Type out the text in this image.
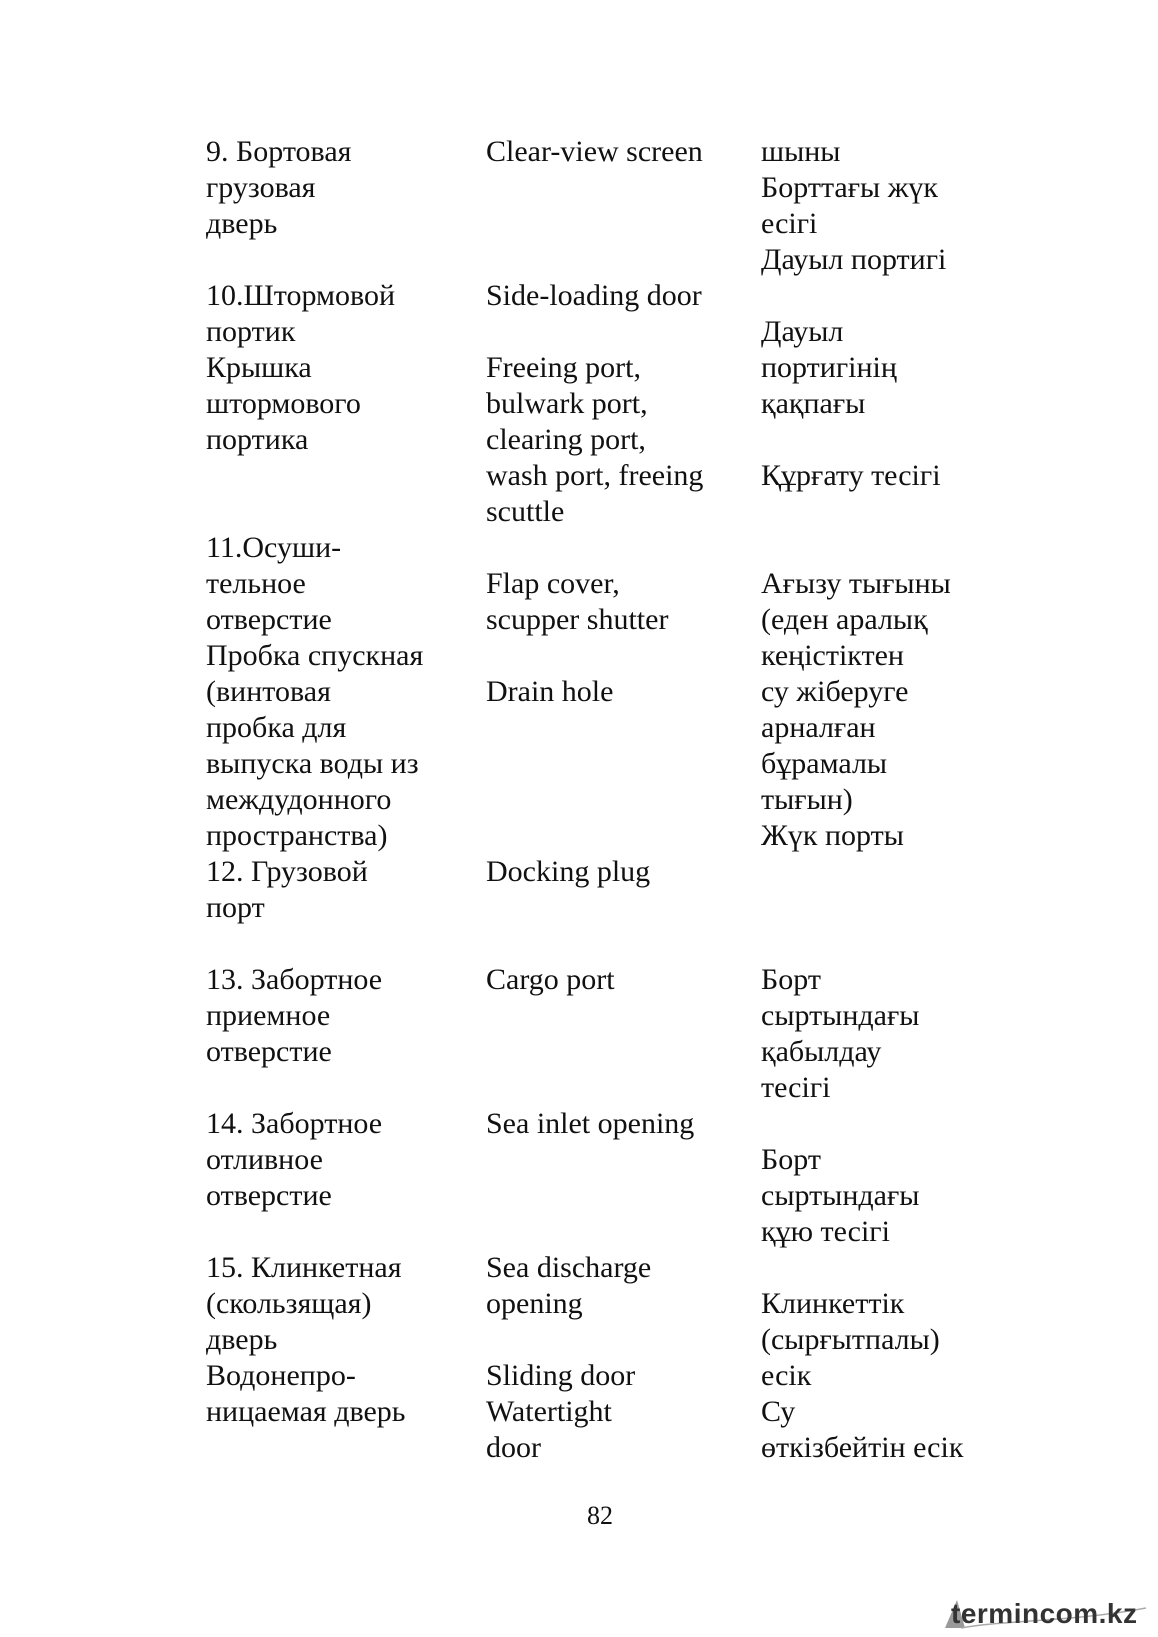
9. Бортовая
грузовая
дверь

10.Штормовой
портик
Крышка
штормового
портика

11.Осуши-
тельное
отверстие
Пробка спускная
(винтовая
пробка для
выпуска воды из
междудонного
пространства)
12. Грузовой
порт

13. Забортное
приемное
отверстие

14. Забортное
отливное
отверстие

15. Клинкетная
(скользящая)
дверь
Водонепро-
ницаемая дверь
Clear-view screen

Side-loading door

Freeing port,
bulwark port,
clearing port,
wash port, freeing
scuttle

Flap cover,
scupper shutter

Drain hole

Docking plug

Cargo port

Sea inlet opening

Sea discharge
opening

Sliding door
Watertight
door
шыны
Борттағы жүк
есігі
Дауыл портигі

Дауыл
портигінің
қақпағы

Құрғату тесігі

Ағызу тығыны
(еден аралық
кеңістіктен
су жіберуге
арналған
бұрамалы
тығын)
Жүк порты

Борт
сыртындағы
қабылдау
тесігі

Борт
сыртындағы
құю тесігі

Клинкеттік
(сырғытпалы)
есік
Су
өткізбейтін есік
82
termincom.kz
